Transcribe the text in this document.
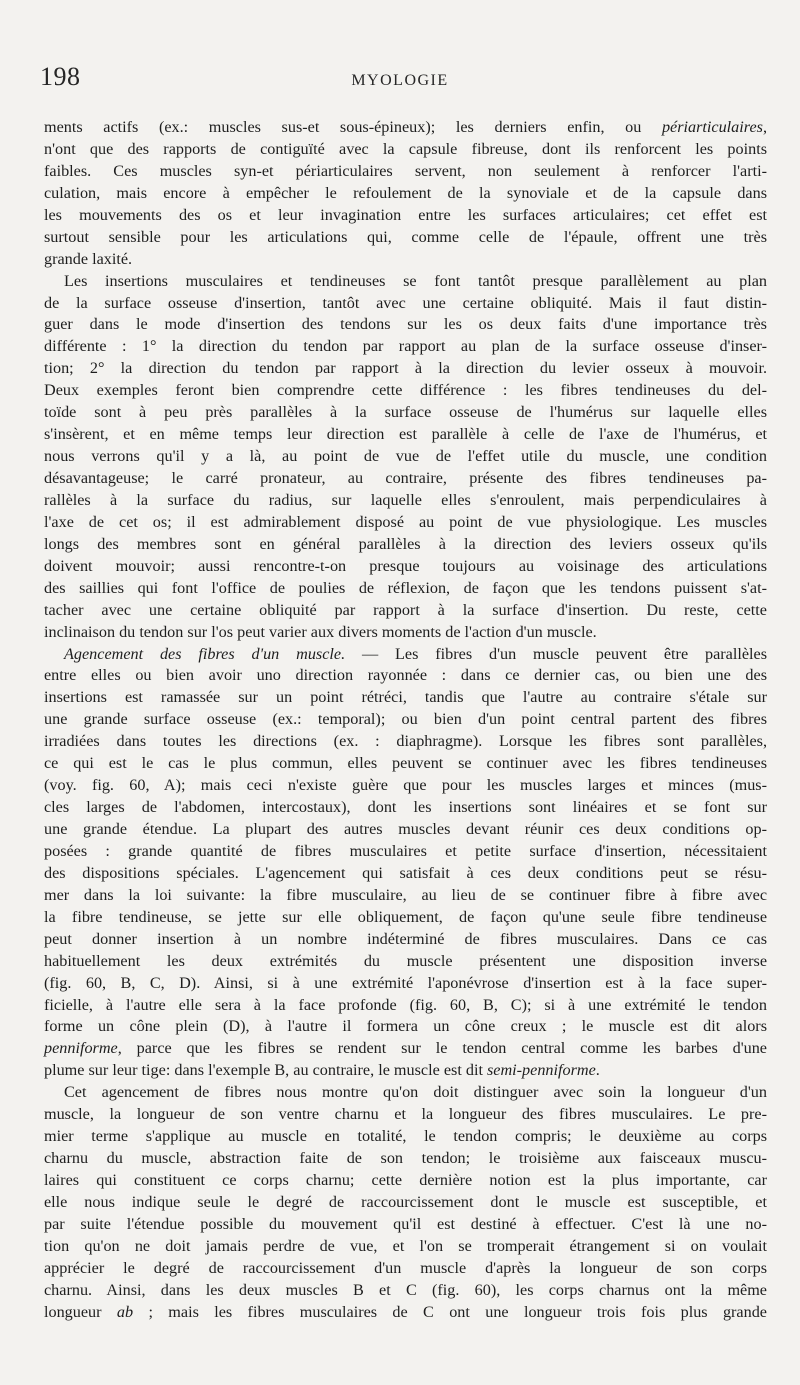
198	MYOLOGIE
ments actifs (ex.: muscles sus-et sous-épineux); les derniers enfin, ou périarticulaires,
n'ont que des rapports de contiguïté avec la capsule fibreuse, dont ils renforcent les points
faibles. Ces muscles syn-et périarticulaires servent, non seulement à renforcer l'arti-
culation, mais encore à empêcher le refoulement de la synoviale et de la capsule dans
les mouvements des os et leur invagination entre les surfaces articulaires; cet effet est
surtout sensible pour les articulations qui, comme celle de l'épaule, offrent une très
grande laxité.
Les insertions musculaires et tendineuses se font tantôt presque parallèlement au plan
de la surface osseuse d'insertion, tantôt avec une certaine obliquité. Mais il faut distin-
guer dans le mode d'insertion des tendons sur les os deux faits d'une importance très
différente : 1° la direction du tendon par rapport au plan de la surface osseuse d'inser-
tion; 2° la direction du tendon par rapport à la direction du levier osseux à mouvoir.
Deux exemples feront bien comprendre cette différence : les fibres tendineuses du del-
toïde sont à peu près parallèles à la surface osseuse de l'humérus sur laquelle elles
s'insèrent, et en même temps leur direction est parallèle à celle de l'axe de l'humérus, et
nous verrons qu'il y a là, au point de vue de l'effet utile du muscle, une condition
désavantageuse; le carré pronateur, au contraire, présente des fibres tendineuses pa-
rallèles à la surface du radius, sur laquelle elles s'enroulent, mais perpendiculaires à
l'axe de cet os; il est admirablement disposé au point de vue physiologique. Les muscles
longs des membres sont en général parallèles à la direction des leviers osseux qu'ils
doivent mouvoir; aussi rencontre-t-on presque toujours au voisinage des articulations
des saillies qui font l'office de poulies de réflexion, de façon que les tendons puissent s'at-
tacher avec une certaine obliquité par rapport à la surface d'insertion. Du reste, cette
inclinaison du tendon sur l'os peut varier aux divers moments de l'action d'un muscle.
Agencement des fibres d'un muscle. — Les fibres d'un muscle peuvent être parallèles
entre elles ou bien avoir uno direction rayonnée : dans ce dernier cas, ou bien une des
insertions est ramassée sur un point rétréci, tandis que l'autre au contraire s'étale sur
une grande surface osseuse (ex.: temporal); ou bien d'un point central partent des fibres
irradiées dans toutes les directions (ex. : diaphragme). Lorsque les fibres sont parallèles,
ce qui est le cas le plus commun, elles peuvent se continuer avec les fibres tendineuses
(voy. fig. 60, A); mais ceci n'existe guère que pour les muscles larges et minces (mus-
cles larges de l'abdomen, intercostaux), dont les insertions sont linéaires et se font sur
une grande étendue. La plupart des autres muscles devant réunir ces deux conditions op-
posées : grande quantité de fibres musculaires et petite surface d'insertion, nécessitaient
des dispositions spéciales. L'agencement qui satisfait à ces deux conditions peut se résu-
mer dans la loi suivante: la fibre musculaire, au lieu de se continuer fibre à fibre avec
la fibre tendineuse, se jette sur elle obliquement, de façon qu'une seule fibre tendineuse
peut donner insertion à un nombre indéterminé de fibres musculaires. Dans ce cas
habituellement les deux extrémités du muscle présentent une disposition inverse
(fig. 60, B, C, D). Ainsi, si à une extrémité l'aponévrose d'insertion est à la face super-
ficielle, à l'autre elle sera à la face profonde (fig. 60, B, C); si à une extrémité le tendon
forme un cône plein (D), à l'autre il formera un cône creux ; le muscle est dit alors
penniforme, parce que les fibres se rendent sur le tendon central comme les barbes d'une
plume sur leur tige: dans l'exemple B, au contraire, le muscle est dit semi-penniforme.
Cet agencement de fibres nous montre qu'on doit distinguer avec soin la longueur d'un
muscle, la longueur de son ventre charnu et la longueur des fibres musculaires. Le pre-
mier terme s'applique au muscle en totalité, le tendon compris; le deuxième au corps
charnu du muscle, abstraction faite de son tendon; le troisième aux faisceaux muscu-
laires qui constituent ce corps charnu; cette dernière notion est la plus importante, car
elle nous indique seule le degré de raccourcissement dont le muscle est susceptible, et
par suite l'étendue possible du mouvement qu'il est destiné à effectuer. C'est là une no-
tion qu'on ne doit jamais perdre de vue, et l'on se tromperait étrangement si on voulait
apprécier le degré de raccourcissement d'un muscle d'après la longueur de son corps
charnu. Ainsi, dans les deux muscles B et C (fig. 60), les corps charnus ont la même
longueur ab ; mais les fibres musculaires de C ont une longueur trois fois plus grande
